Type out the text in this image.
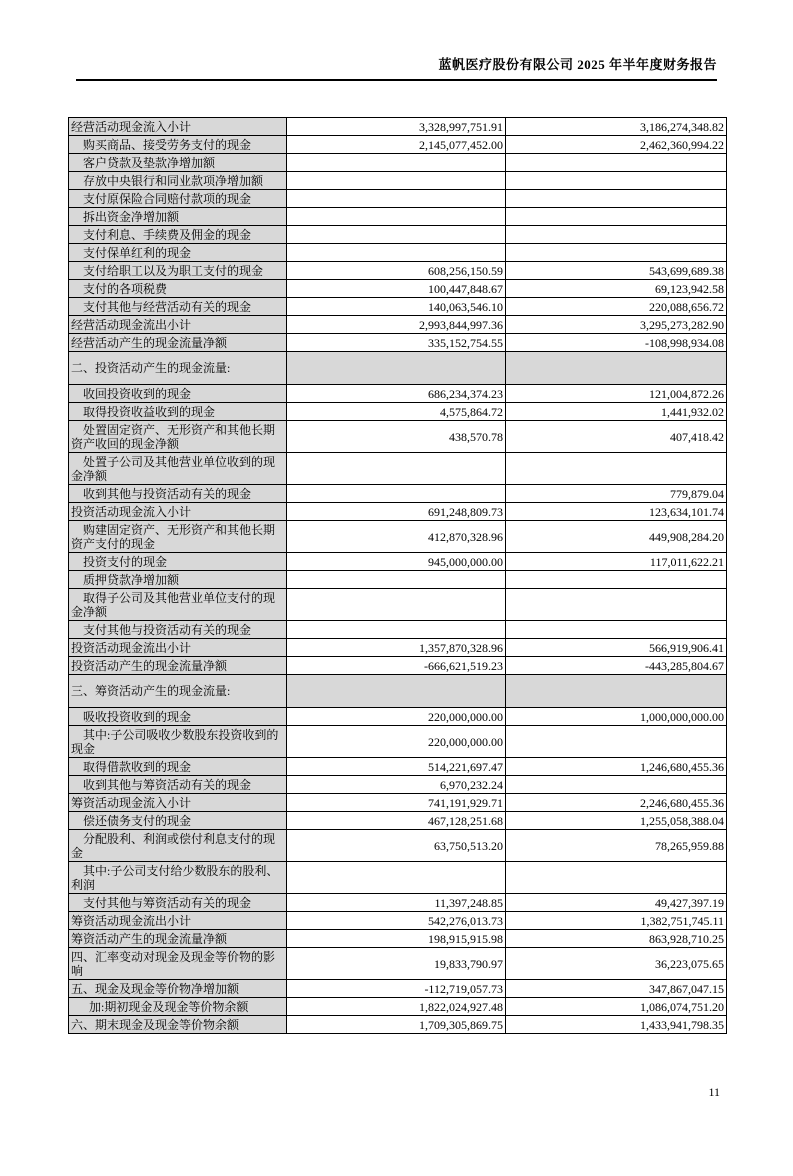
蓝帆医疗股份有限公司 2025 年半年度财务报告
经营活动现金流入小计	3,328,997,751.91	3,186,274,348.82
购买商品、接受劳务支付的现金	2,145,077,452.00	2,462,360,994.22
客户贷款及垫款净增加额		
存放中央银行和同业款项净增加额		
支付原保险合同赔付款项的现金		
拆出资金净增加额		
支付利息、手续费及佣金的现金		
支付保单红利的现金		
支付给职工以及为职工支付的现金	608,256,150.59	543,699,689.38
支付的各项税费	100,447,848.67	69,123,942.58
支付其他与经营活动有关的现金	140,063,546.10	220,088,656.72
经营活动现金流出小计	2,993,844,997.36	3,295,273,282.90
经营活动产生的现金流量净额	335,152,754.55	-108,998,934.08
二、投资活动产生的现金流量:		
收回投资收到的现金	686,234,374.23	121,004,872.26
取得投资收益收到的现金	4,575,864.72	1,441,932.02
处置固定资产、无形资产和其他长期资产收回的现金净额	438,570.78	407,418.42
处置子公司及其他营业单位收到的现金净额		
收到其他与投资活动有关的现金		779,879.04
投资活动现金流入小计	691,248,809.73	123,634,101.74
购建固定资产、无形资产和其他长期资产支付的现金	412,870,328.96	449,908,284.20
投资支付的现金	945,000,000.00	117,011,622.21
质押贷款净增加额		
取得子公司及其他营业单位支付的现金净额		
支付其他与投资活动有关的现金		
投资活动现金流出小计	1,357,870,328.96	566,919,906.41
投资活动产生的现金流量净额	-666,621,519.23	-443,285,804.67
三、筹资活动产生的现金流量:		
吸收投资收到的现金	220,000,000.00	1,000,000,000.00
其中:子公司吸收少数股东投资收到的现金	220,000,000.00	
取得借款收到的现金	514,221,697.47	1,246,680,455.36
收到其他与筹资活动有关的现金	6,970,232.24	
筹资活动现金流入小计	741,191,929.71	2,246,680,455.36
偿还债务支付的现金	467,128,251.68	1,255,058,388.04
分配股利、利润或偿付利息支付的现金	63,750,513.20	78,265,959.88
其中:子公司支付给少数股东的股利、利润		
支付其他与筹资活动有关的现金	11,397,248.85	49,427,397.19
筹资活动现金流出小计	542,276,013.73	1,382,751,745.11
筹资活动产生的现金流量净额	198,915,915.98	863,928,710.25
四、汇率变动对现金及现金等价物的影响	19,833,790.97	36,223,075.65
五、现金及现金等价物净增加额	-112,719,057.73	347,867,047.15
加:期初现金及现金等价物余额	1,822,024,927.48	1,086,074,751.20
六、期末现金及现金等价物余额	1,709,305,869.75	1,433,941,798.35
11
